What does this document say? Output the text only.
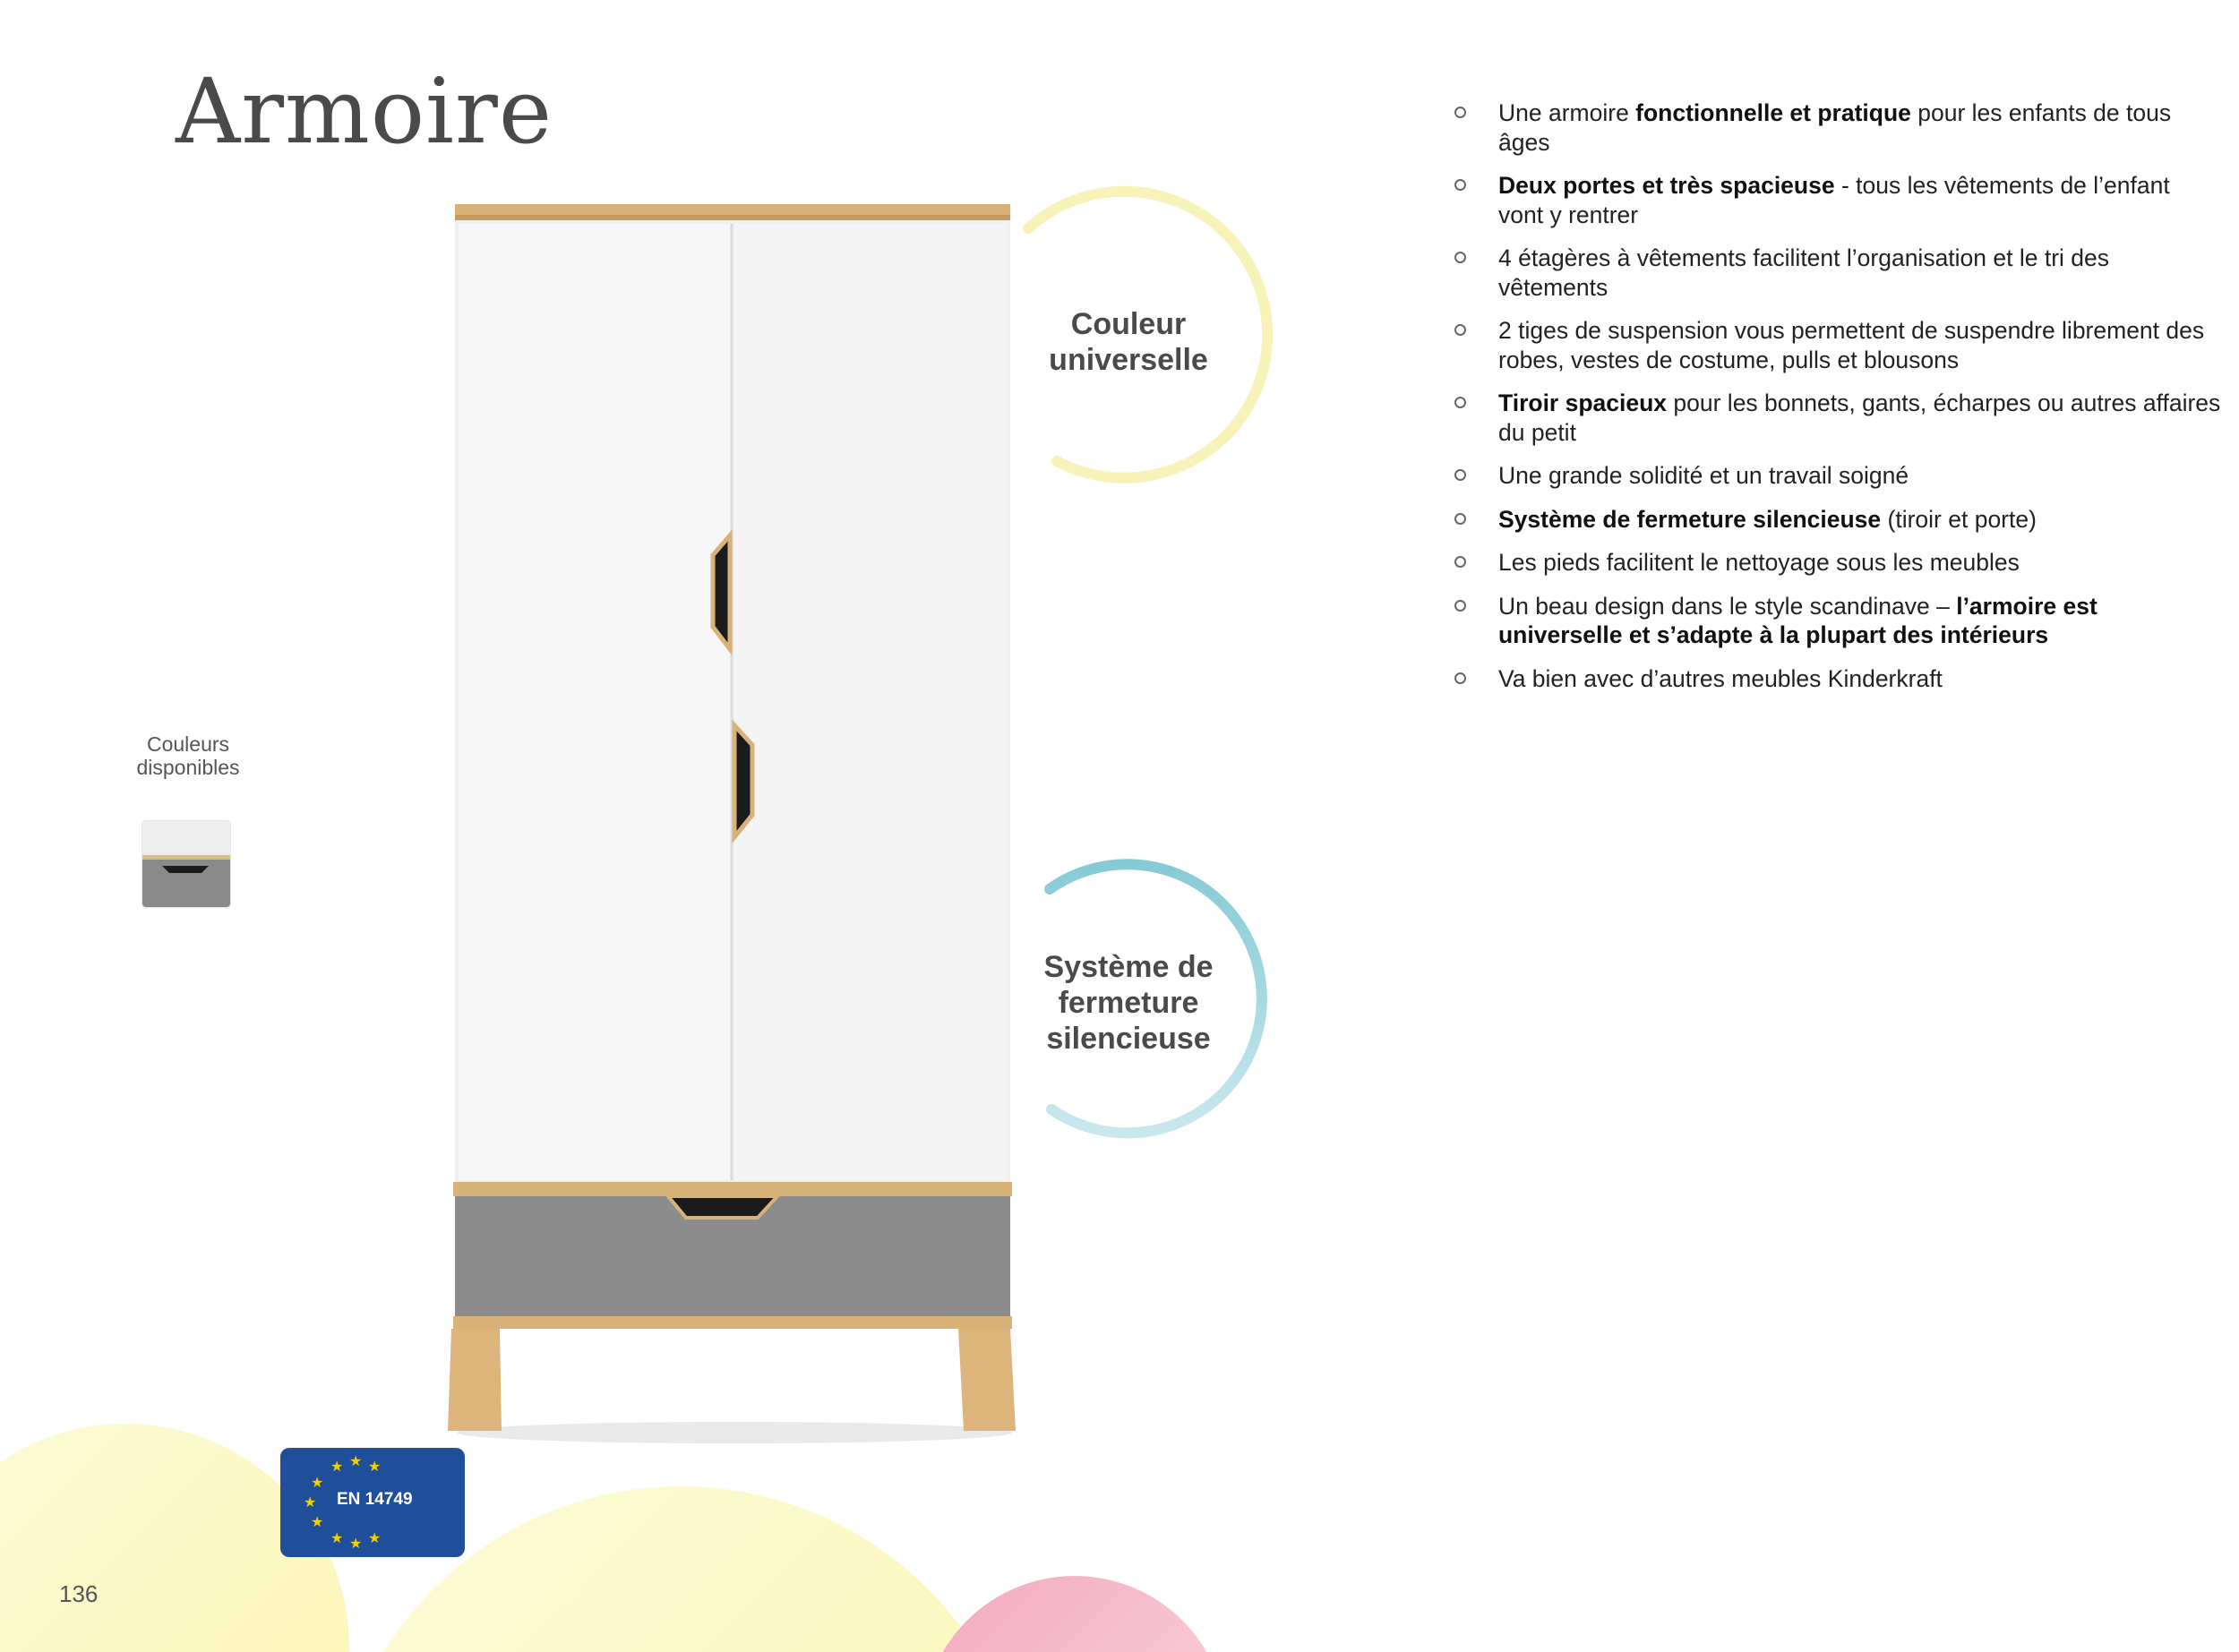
Armoire
Couleur
universelle
Système de
fermeture
silencieuse
Couleurs
disponibles
Une armoire fonctionnelle et pratique pour les enfants de tous âges
Deux portes et très spacieuse - tous les vêtements de l’enfant vont y rentrer
4 étagères à vêtements facilitent l’organisation et le tri des vêtements
2 tiges de suspension vous permettent de suspendre librement des robes, vestes de costume, pulls et blousons
Tiroir spacieux pour les bonnets, gants, écharpes ou autres affaires du petit
Une grande solidité et un travail soigné
Système de fermeture silencieuse (tiroir et porte)
Les pieds facilitent le nettoyage sous les meubles
Un beau design dans le style scandinave – l’armoire est universelle et s’adapte à la plupart des intérieurs
Va bien avec d’autres meubles Kinderkraft
★ ★ ★
★
★
★
★ ★ ★
EN 14749
136
